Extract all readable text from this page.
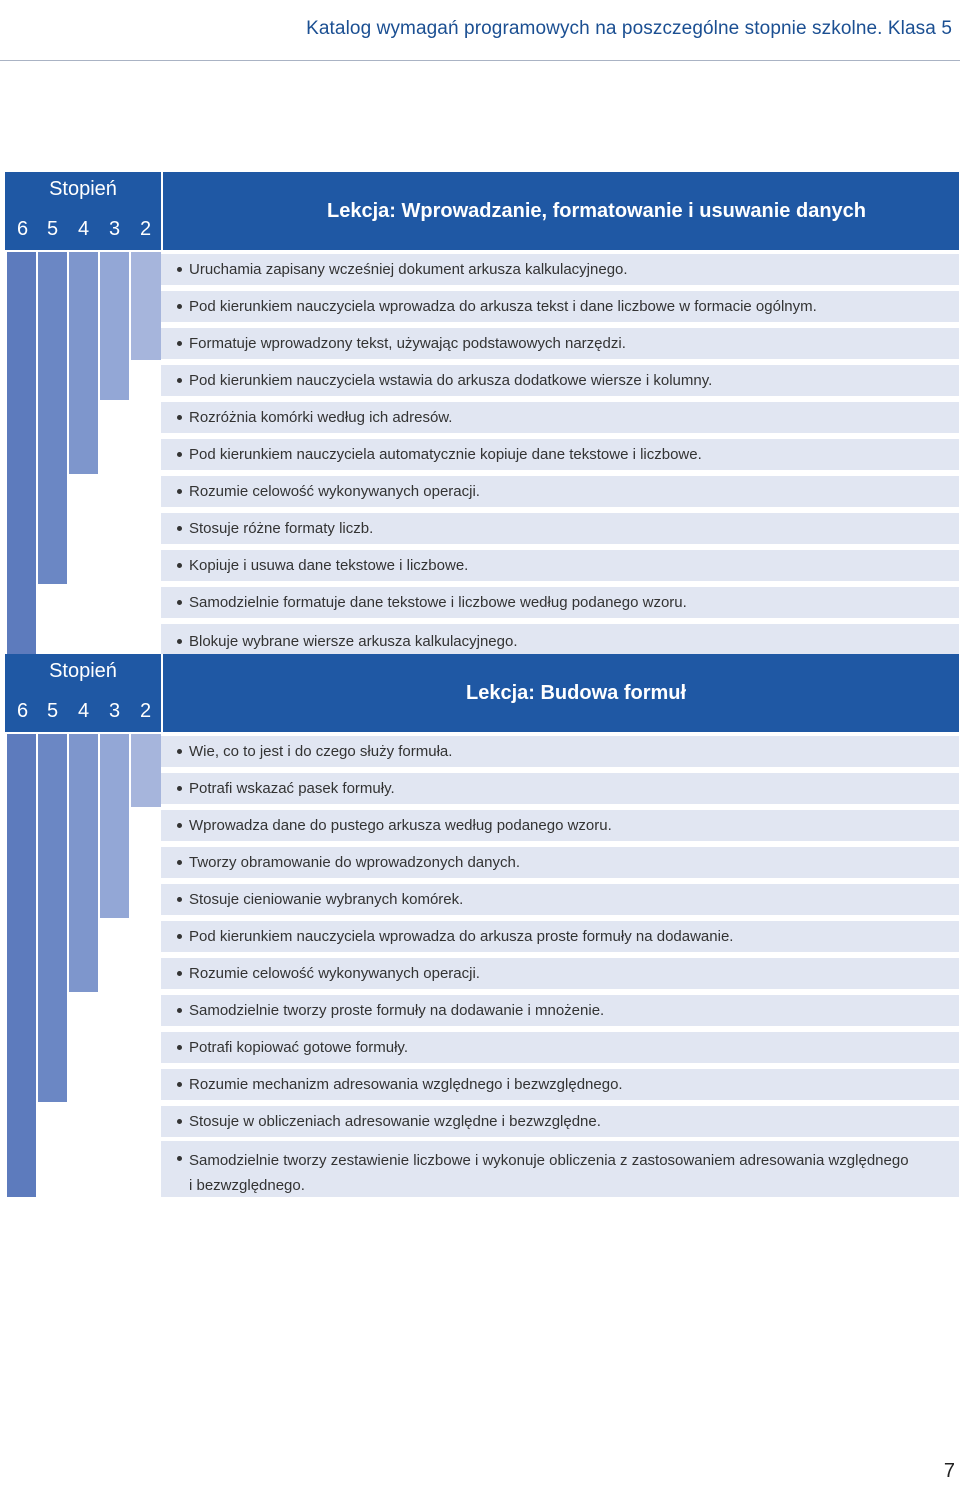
Katalog wymagań programowych na poszczególne stopnie szkolne. Klasa 5
Stopień
6 5 4 3 2
Lekcja: Wprowadzanie, formatowanie i usuwanie danych
Uruchamia zapisany wcześniej dokument arkusza kalkulacyjnego.
Pod kierunkiem nauczyciela wprowadza do arkusza tekst i dane liczbowe w formacie ogólnym.
Formatuje wprowadzony tekst, używając podstawowych narzędzi.
Pod kierunkiem nauczyciela wstawia do arkusza dodatkowe wiersze i kolumny.
Rozróżnia komórki według ich adresów.
Pod kierunkiem nauczyciela automatycznie kopiuje dane tekstowe i liczbowe.
Rozumie celowość wykonywanych operacji.
Stosuje różne formaty liczb.
Kopiuje i usuwa dane tekstowe i liczbowe.
Samodzielnie formatuje dane tekstowe i liczbowe według podanego wzoru.
Blokuje wybrane wiersze arkusza kalkulacyjnego.
Stopień
6 5 4 3 2
Lekcja: Budowa formuł
Wie, co to jest i do czego służy formuła.
Potrafi wskazać pasek formuły.
Wprowadza dane do pustego arkusza według podanego wzoru.
Tworzy obramowanie do wprowadzonych danych.
Stosuje cieniowanie wybranych komórek.
Pod kierunkiem nauczyciela wprowadza do arkusza proste formuły na dodawanie.
Rozumie celowość wykonywanych operacji.
Samodzielnie tworzy proste formuły na dodawanie i mnożenie.
Potrafi kopiować gotowe formuły.
Rozumie mechanizm adresowania względnego i bezwzględnego.
Stosuje w obliczeniach adresowanie względne i bezwzględne.
Samodzielnie tworzy zestawienie liczbowe i wykonuje obliczenia z zastosowaniem adresowania względnego i bezwzględnego.
7
